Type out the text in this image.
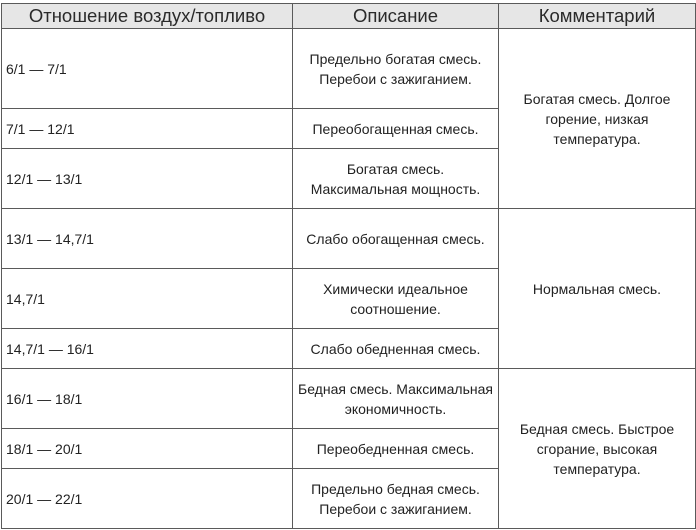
Отношение воздух/топливо	Описание	Комментарий
6/1 — 7/1	Предельно богатая смесь. Перебои с зажиганием.	Богатая смесь. Долгое горение, низкая температура.
7/1 — 12/1	Переобогащенная смесь.	
12/1 — 13/1	Богатая смесь. Максимальная мощность.	
13/1 — 14,7/1	Слабо обогащенная смесь.	Нормальная смесь.
14,7/1	Химически идеальное соотношение.	
14,7/1 — 16/1	Слабо обедненная смесь.	
16/1 — 18/1	Бедная смесь. Максимальная экономичность.	Бедная смесь. Быстрое сгорание, высокая температура.
18/1 — 20/1	Переобедненная смесь.	
20/1 — 22/1	Предельно бедная смесь. Перебои с зажиганием.	
